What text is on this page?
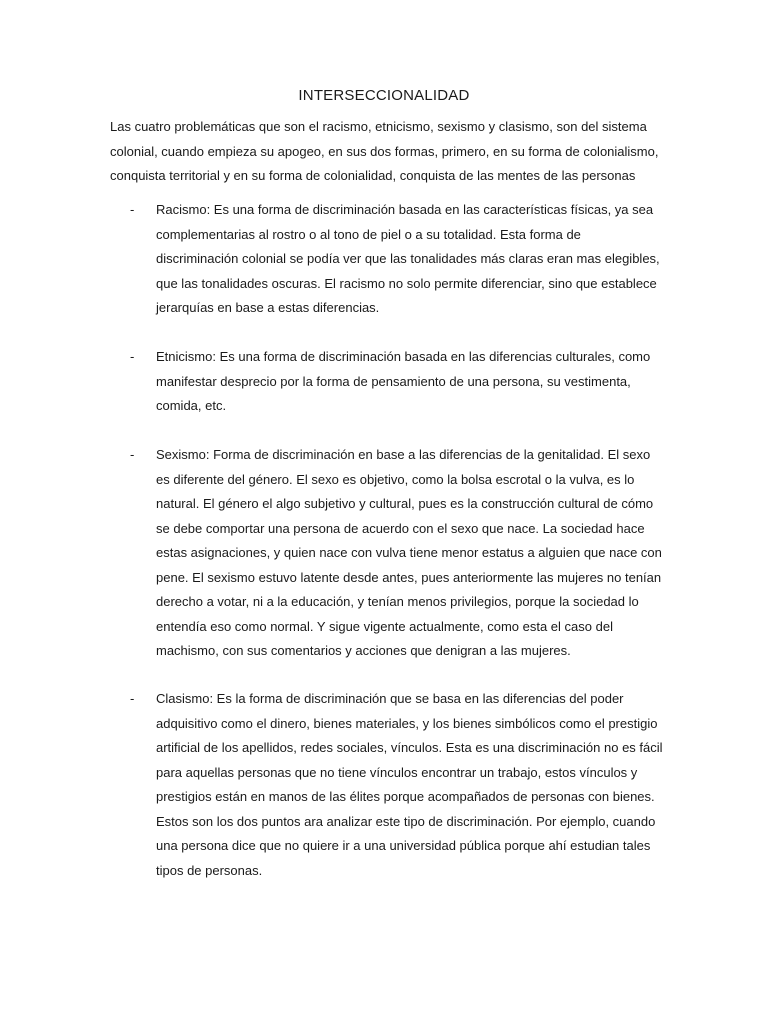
INTERSECCIONALIDAD
Las cuatro problemáticas que son el racismo, etnicismo, sexismo y clasismo, son del sistema colonial, cuando empieza su apogeo, en sus dos formas, primero, en su forma de colonialismo, conquista territorial y en su forma de colonialidad, conquista de las mentes de las personas
- Racismo: Es una forma de discriminación basada en las características físicas, ya sea complementarias al rostro o al tono de piel o a su totalidad. Esta forma de discriminación colonial se podía ver que las tonalidades más claras eran mas elegibles, que las tonalidades oscuras. El racismo no solo permite diferenciar, sino que establece jerarquías en base a estas diferencias.
- Etnicismo: Es una forma de discriminación basada en las diferencias culturales, como manifestar desprecio por la forma de pensamiento de una persona, su vestimenta, comida, etc.
- Sexismo: Forma de discriminación en base a las diferencias de la genitalidad. El sexo es diferente del género. El sexo es objetivo, como la bolsa escrotal o la vulva, es lo natural. El género el algo subjetivo y cultural, pues es la construcción cultural de cómo se debe comportar una persona de acuerdo con el sexo que nace. La sociedad hace estas asignaciones, y quien nace con vulva tiene menor estatus a alguien que nace con pene. El sexismo estuvo latente desde antes, pues anteriormente las mujeres no tenían derecho a votar, ni a la educación, y tenían menos privilegios, porque la sociedad lo entendía eso como normal. Y sigue vigente actualmente, como esta el caso del machismo, con sus comentarios y acciones que denigran a las mujeres.
- Clasismo: Es la forma de discriminación que se basa en las diferencias del poder adquisitivo como el dinero, bienes materiales, y los bienes simbólicos como el prestigio artificial de los apellidos, redes sociales, vínculos. Esta es una discriminación no es fácil para aquellas personas que no tiene vínculos encontrar un trabajo, estos vínculos y prestigios están en manos de las élites porque acompañados de personas con bienes. Estos son los dos puntos ara analizar este tipo de discriminación. Por ejemplo, cuando una persona dice que no quiere ir a una universidad pública porque ahí estudian tales tipos de personas.
